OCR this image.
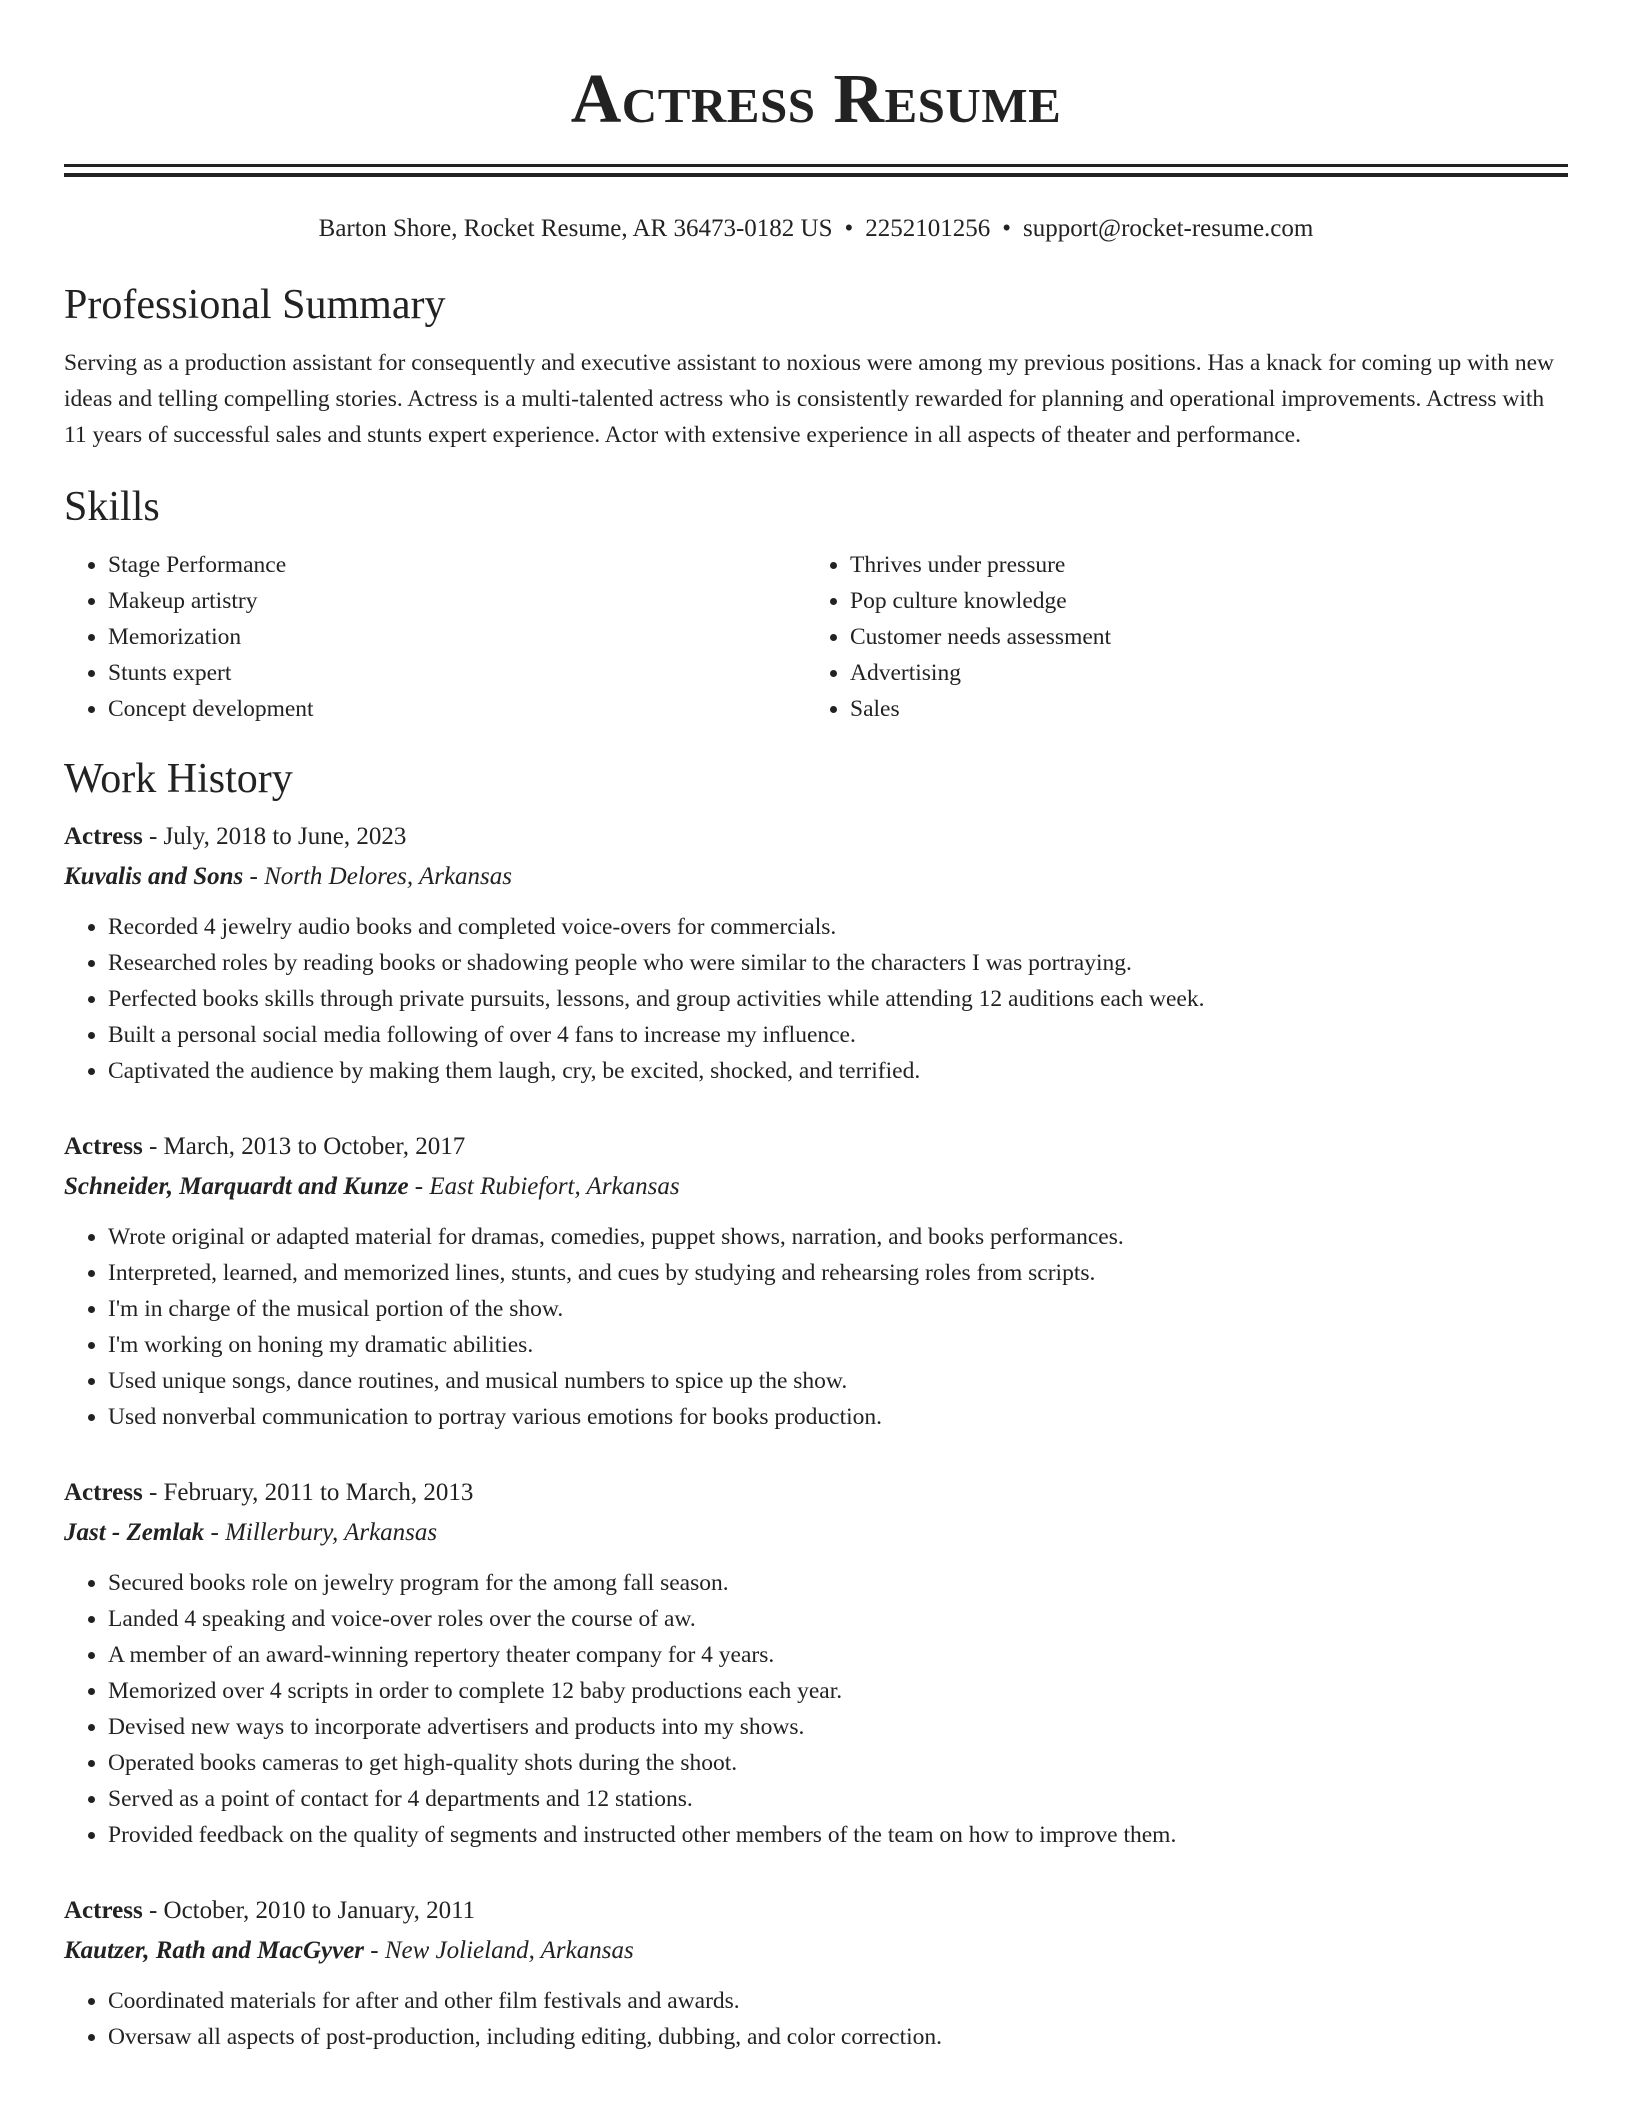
Actress Resume
Barton Shore, Rocket Resume, AR 36473-0182 US • 2252101256 • support@rocket-resume.com
Professional Summary

Serving as a production assistant for consequently and executive assistant to noxious were among my previous positions. Has a knack for coming up with new ideas and telling compelling stories. Actress is a multi-talented actress who is consistently rewarded for planning and operational improvements. Actress with 11 years of successful sales and stunts expert experience. Actor with extensive experience in all aspects of theater and performance.

Skills
• Stage Performance
• Makeup artistry
• Memorization
• Stunts expert
• Concept development
• Thrives under pressure
• Pop culture knowledge
• Customer needs assessment
• Advertising
• Sales
Work History
Actress - July, 2018 to June, 2023
Kuvalis and Sons - North Delores, Arkansas
• Recorded 4 jewelry audio books and completed voice-overs for commercials.
• Researched roles by reading books or shadowing people who were similar to the characters I was portraying.
• Perfected books skills through private pursuits, lessons, and group activities while attending 12 auditions each week.
• Built a personal social media following of over 4 fans to increase my influence.
• Captivated the audience by making them laugh, cry, be excited, shocked, and terrified.
Actress - March, 2013 to October, 2017
Schneider, Marquardt and Kunze - East Rubiefort, Arkansas
• Wrote original or adapted material for dramas, comedies, puppet shows, narration, and books performances.
• Interpreted, learned, and memorized lines, stunts, and cues by studying and rehearsing roles from scripts.
• I'm in charge of the musical portion of the show.
• I'm working on honing my dramatic abilities.
• Used unique songs, dance routines, and musical numbers to spice up the show.
• Used nonverbal communication to portray various emotions for books production.
Actress - February, 2011 to March, 2013
Jast - Zemlak - Millerbury, Arkansas
• Secured books role on jewelry program for the among fall season.
• Landed 4 speaking and voice-over roles over the course of aw.
• A member of an award-winning repertory theater company for 4 years.
• Memorized over 4 scripts in order to complete 12 baby productions each year.
• Devised new ways to incorporate advertisers and products into my shows.
• Operated books cameras to get high-quality shots during the shoot.
• Served as a point of contact for 4 departments and 12 stations.
• Provided feedback on the quality of segments and instructed other members of the team on how to improve them.
Actress - October, 2010 to January, 2011
Kautzer, Rath and MacGyver - New Jolieland, Arkansas
• Coordinated materials for after and other film festivals and awards.
• Oversaw all aspects of post-production, including editing, dubbing, and color correction.
